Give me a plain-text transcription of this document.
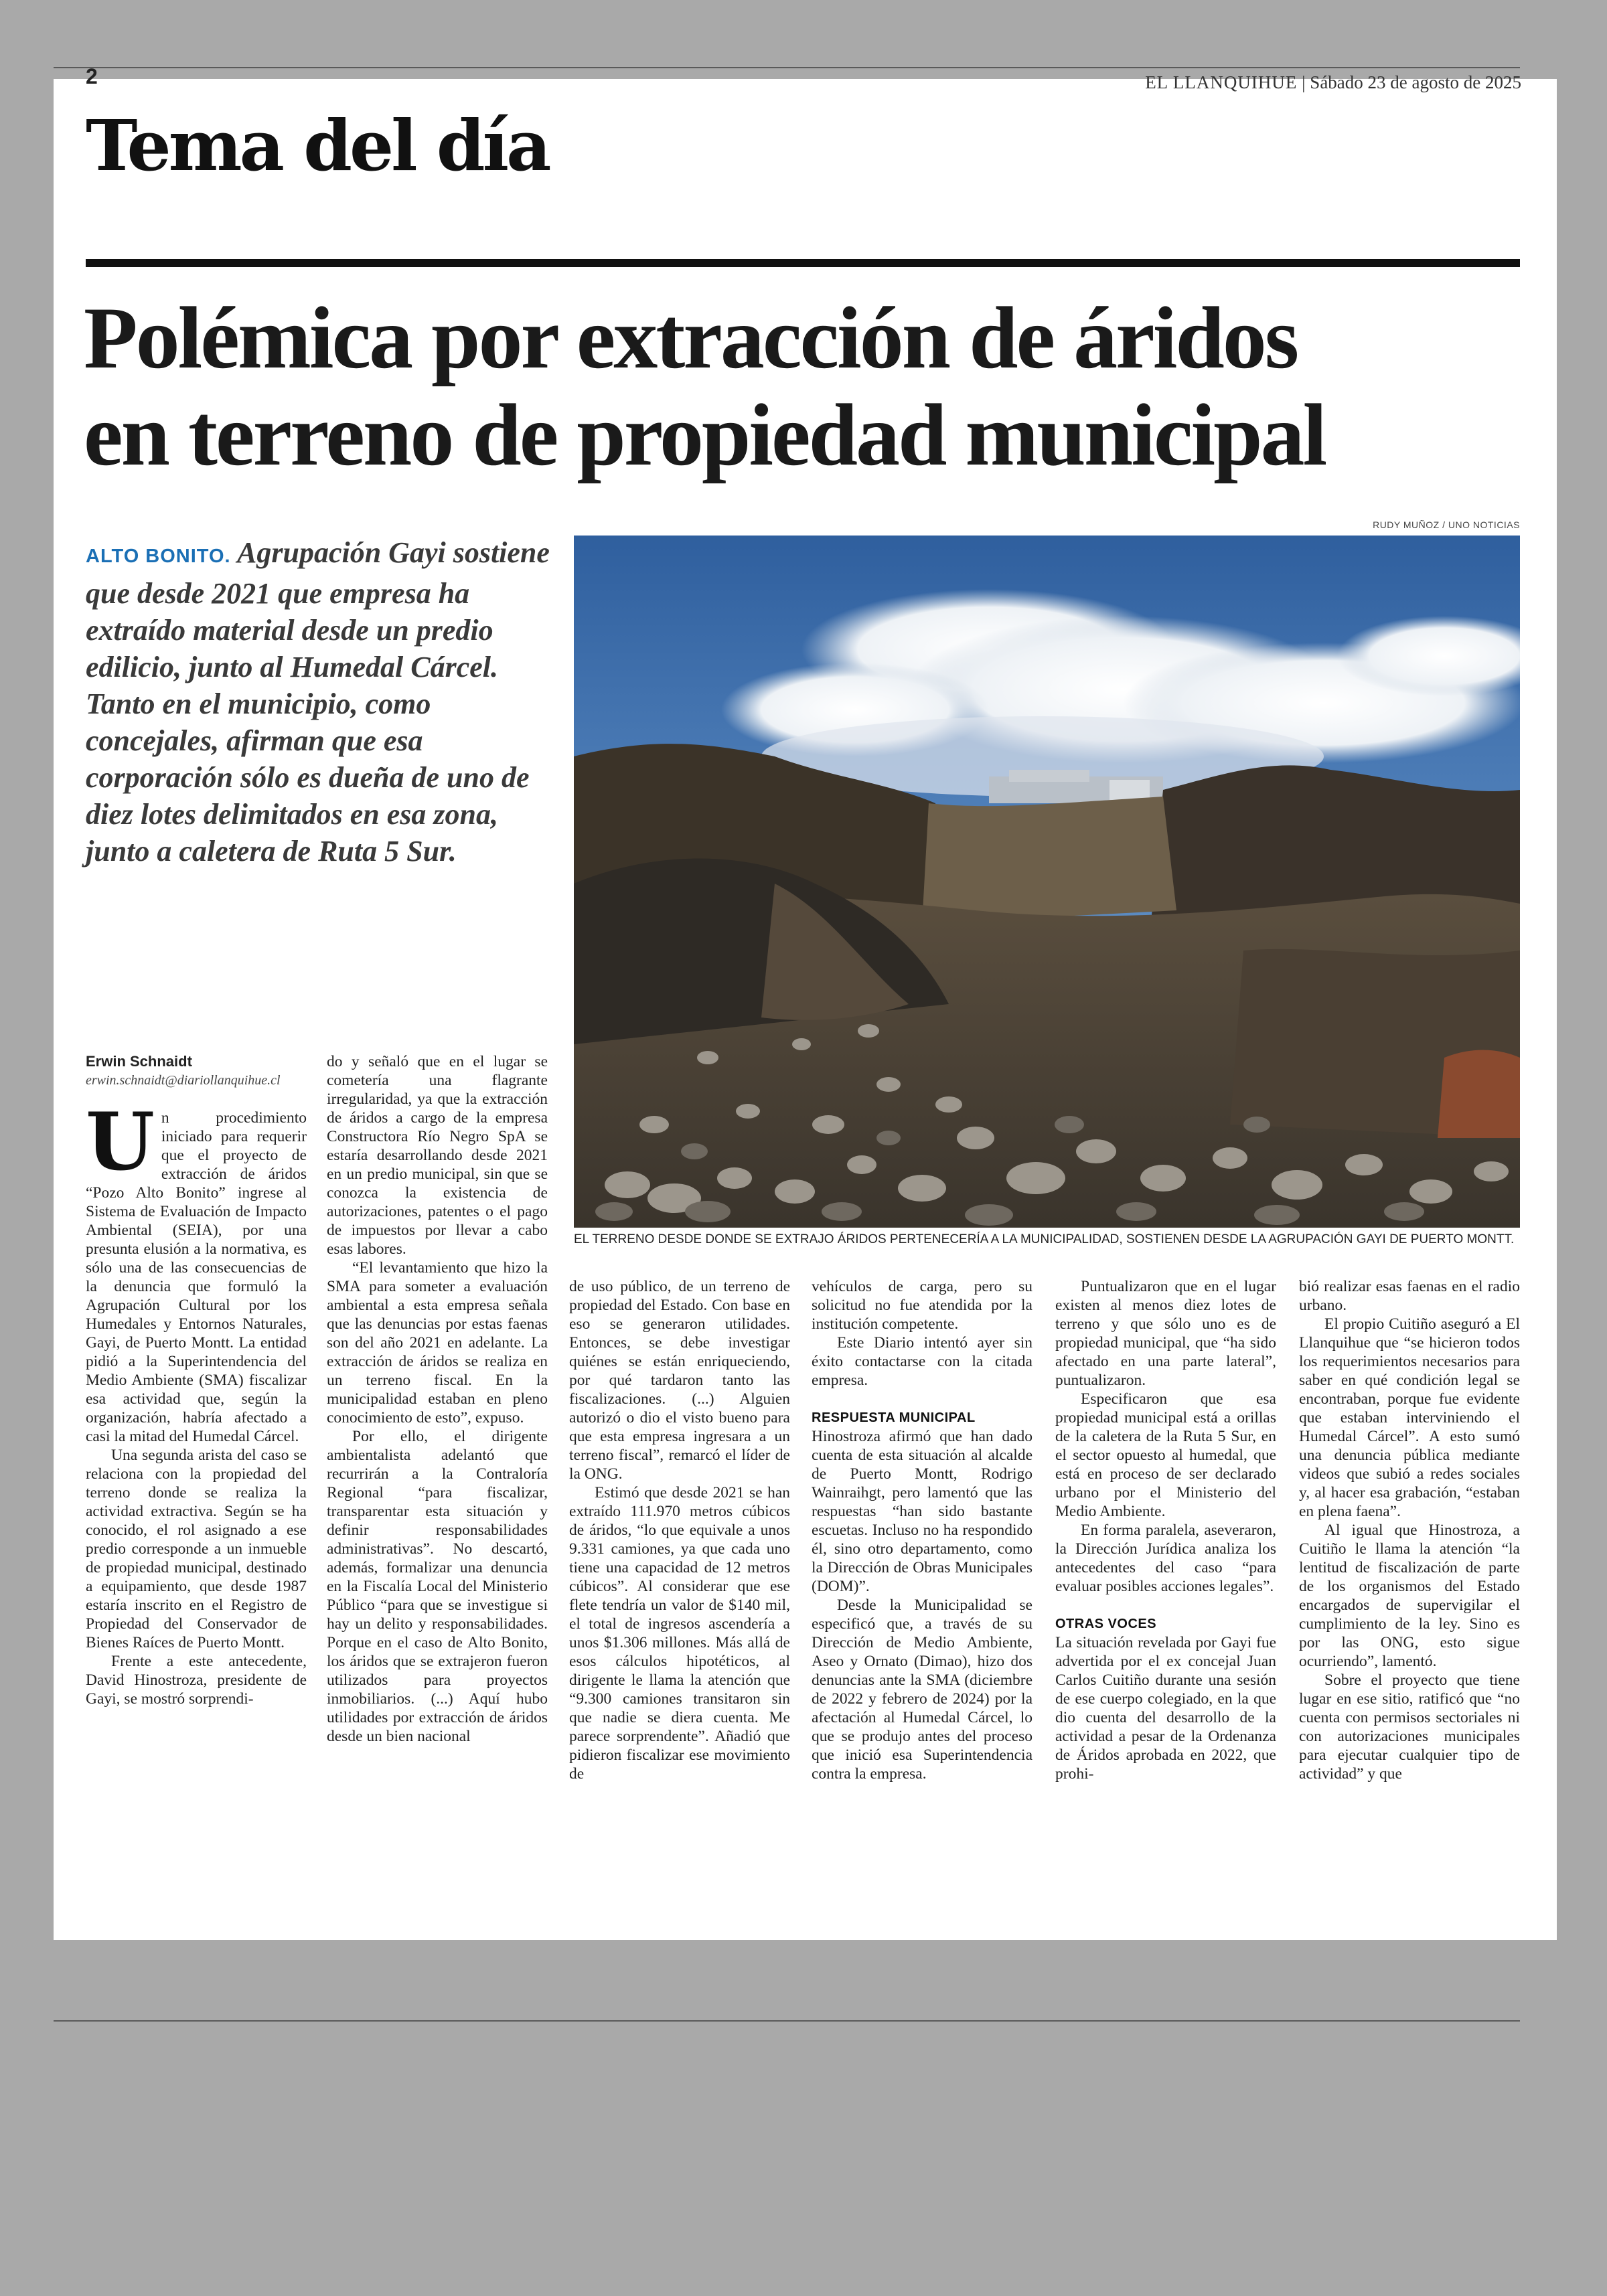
2	EL LLANQUIHUE | Sábado 23 de agosto de 2025
Tema del día
Polémica por extracción de áridos
en terreno de propiedad municipal
RUDY MUÑOZ / UNO NOTICIAS
ALTO BONITO. Agrupación Gayi sostiene que desde 2021 que empresa ha extraído material desde un predio edilicio, junto al Humedal Cárcel. Tanto en el municipio, como concejales, afirman que esa corporación sólo es dueña de uno de diez lotes delimitados en esa zona, junto a caletera de Ruta 5 Sur.
EL TERRENO DESDE DONDE SE EXTRAJO ÁRIDOS PERTENECERÍA A LA MUNICIPALIDAD, SOSTIENEN DESDE LA AGRUPACIÓN GAYI DE PUERTO MONTT.
Erwin Schnaidt
erwin.schnaidt@diariollanquihue.cl
U n procedimiento iniciado para requerir que el proyecto de extracción de áridos “Pozo Alto Bonito” ingrese al Sistema de Evaluación de Impacto Ambiental (SEIA), por una presunta elusión a la normativa, es sólo una de las consecuencias de la denuncia que formuló la Agrupación Cultural por los Humedales y Entornos Naturales, Gayi, de Puerto Montt. La entidad pidió a la Superintendencia del Medio Ambiente (SMA) fiscalizar esa actividad que, según la organización, habría afectado a casi la mitad del Humedal Cárcel.

Una segunda arista del caso se relaciona con la propiedad del terreno donde se realiza la actividad extractiva. Según se ha conocido, el rol asignado a ese predio corresponde a un inmueble de propiedad municipal, destinado a equipamiento, que desde 1987 estaría inscrito en el Registro de Propiedad del Conservador de Bienes Raíces de Puerto Montt.

Frente a este antecedente, David Hinostroza, presidente de Gayi, se mostró sorprendi-

do y señaló que en el lugar se cometería una flagrante irregularidad, ya que la extracción de áridos a cargo de la empresa Constructora Río Negro SpA se estaría desarrollando desde 2021 en un predio municipal, sin que se conozca la existencia de autorizaciones, patentes o el pago de impuestos por llevar a cabo esas labores.

“El levantamiento que hizo la SMA para someter a evaluación ambiental a esta empresa señala que las denuncias por estas faenas son del año 2021 en adelante. La extracción de áridos se realiza en un terreno fiscal. En la municipalidad estaban en pleno conocimiento de esto”, expuso.

Por ello, el dirigente ambientalista adelantó que recurrirán a la Contraloría Regional “para fiscalizar, transparentar esta situación y definir responsabilidades administrativas”. No descartó, además, formalizar una denuncia en la Fiscalía Local del Ministerio Público “para que se investigue si hay un delito y responsabilidades. Porque en el caso de Alto Bonito, los áridos que se extrajeron fueron utilizados para proyectos inmobiliarios. (...) Aquí hubo utilidades por extracción de áridos desde un bien nacional

de uso público, de un terreno de propiedad del Estado. Con base en eso se generaron utilidades. Entonces, se debe investigar quiénes se están enriqueciendo, por qué tardaron tanto las fiscalizaciones. (...) Alguien autorizó o dio el visto bueno para que esta empresa ingresara a un terreno fiscal”, remarcó el líder de la ONG.

Estimó que desde 2021 se han extraído 111.970 metros cúbicos de áridos, “lo que equivale a unos 9.331 camiones, ya que cada uno tiene una capacidad de 12 metros cúbicos”. Al considerar que ese flete tendría un valor de $140 mil, el total de ingresos ascendería a unos $1.306 millones. Más allá de esos cálculos hipotéticos, al dirigente le llama la atención que “9.300 camiones transitaron sin que nadie se diera cuenta. Me parece sorprendente”. Añadió que pidieron fiscalizar ese movimiento de

vehículos de carga, pero su solicitud no fue atendida por la institución competente.

Este Diario intentó ayer sin éxito contactarse con la citada empresa.

RESPUESTA MUNICIPAL

Hinostroza afirmó que han dado cuenta de esta situación al alcalde de Puerto Montt, Rodrigo Wainraihgt, pero lamentó que las respuestas “han sido bastante escuetas. Incluso no ha respondido él, sino otro departamento, como la Dirección de Obras Municipales (DOM)”.

Desde la Municipalidad se especificó que, a través de su Dirección de Medio Ambiente, Aseo y Ornato (Dimao), hizo dos denuncias ante la SMA (diciembre de 2022 y febrero de 2024) por la afectación al Humedal Cárcel, lo que se produjo antes del proceso que inició esa Superintendencia contra la empresa.

Puntualizaron que en el lugar existen al menos diez lotes de terreno y que sólo uno es de propiedad municipal, que “ha sido afectado en una parte lateral”, puntualizaron.

Especificaron que esa propiedad municipal está a orillas de la caletera de la Ruta 5 Sur, en el sector opuesto al humedal, que está en proceso de ser declarado urbano por el Ministerio del Medio Ambiente.

En forma paralela, aseveraron, la Dirección Jurídica analiza los antecedentes del caso “para evaluar posibles acciones legales”.

OTRAS VOCES

La situación revelada por Gayi fue advertida por el ex concejal Juan Carlos Cuitiño durante una sesión de ese cuerpo colegiado, en la que dio cuenta del desarrollo de la actividad a pesar de la Ordenanza de Áridos aprobada en 2022, que prohi-

bió realizar esas faenas en el radio urbano.

El propio Cuitiño aseguró a El Llanquihue que “se hicieron todos los requerimientos necesarios para saber en qué condición legal se encontraban, porque fue evidente que estaban interviniendo el Humedal Cárcel”. A esto sumó una denuncia pública mediante videos que subió a redes sociales y, al hacer esa grabación, “estaban en plena faena”.

Al igual que Hinostroza, a Cuitiño le llama la atención “la lentitud de fiscalización de parte de los organismos del Estado encargados de supervigilar el cumplimiento de la ley. Sino es por las ONG, esto sigue ocurriendo”, lamentó.

Sobre el proyecto que tiene lugar en ese sitio, ratificó que “no cuenta con permisos sectoriales ni con autorizaciones municipales para ejecutar cualquier tipo de actividad” y que
